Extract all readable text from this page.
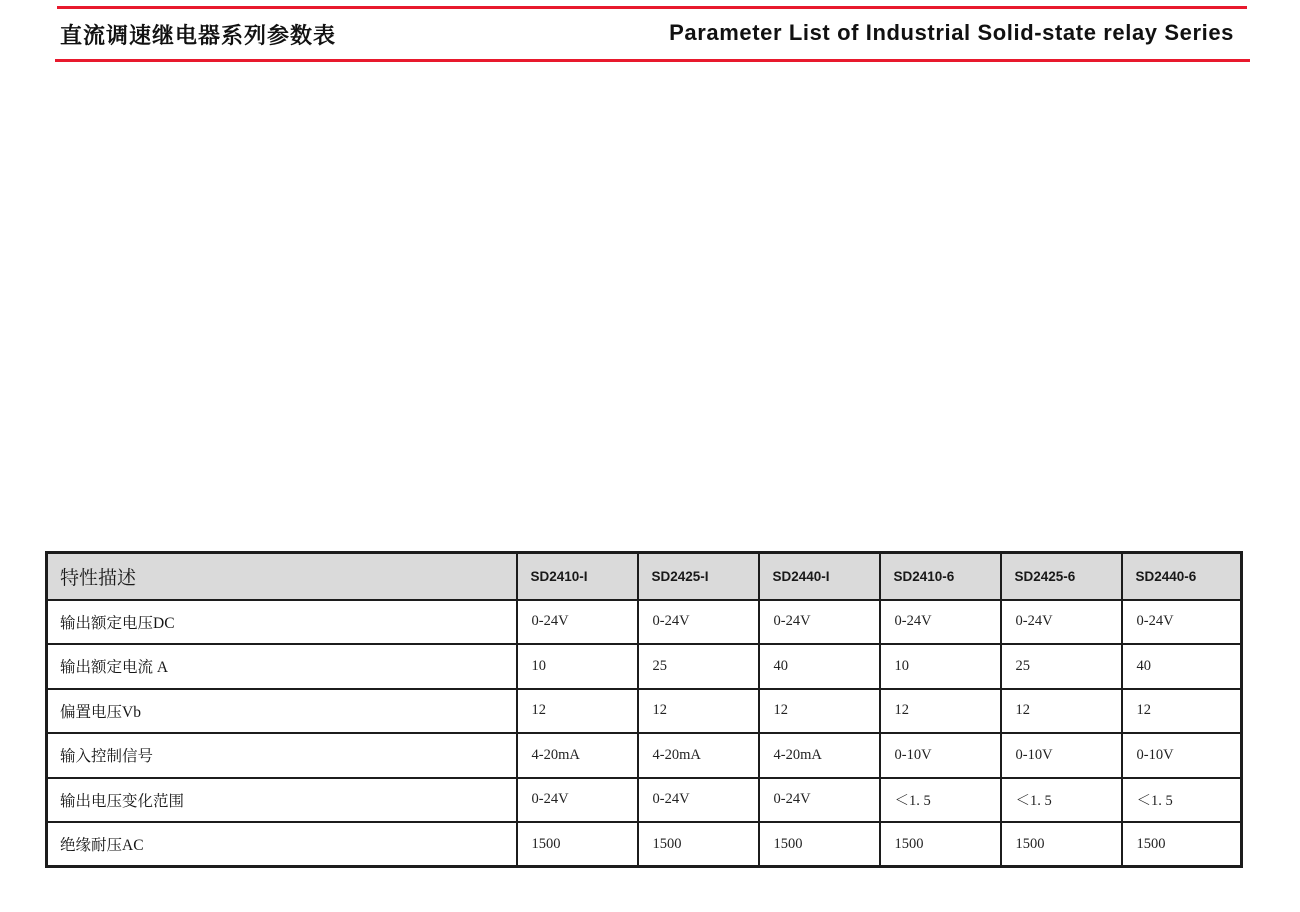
直流调速继电器系列参数表	Parameter List of Industrial Solid-state relay Series
特性描述	SD2410-I	SD2425-I	SD2440-I	SD2410-6	SD2425-6	SD2440-6
输出额定电压DC	0-24V	0-24V	0-24V	0-24V	0-24V	0-24V
输出额定电流 A	10	25	40	10	25	40
偏置电压Vb	12	12	12	12	12	12
输入控制信号	4-20mA	4-20mA	4-20mA	0-10V	0-10V	0-10V
输出电压变化范围	0-24V	0-24V	0-24V	＜1. 5	＜1. 5	＜1. 5
绝缘耐压AC	1500	1500	1500	1500	1500	1500
